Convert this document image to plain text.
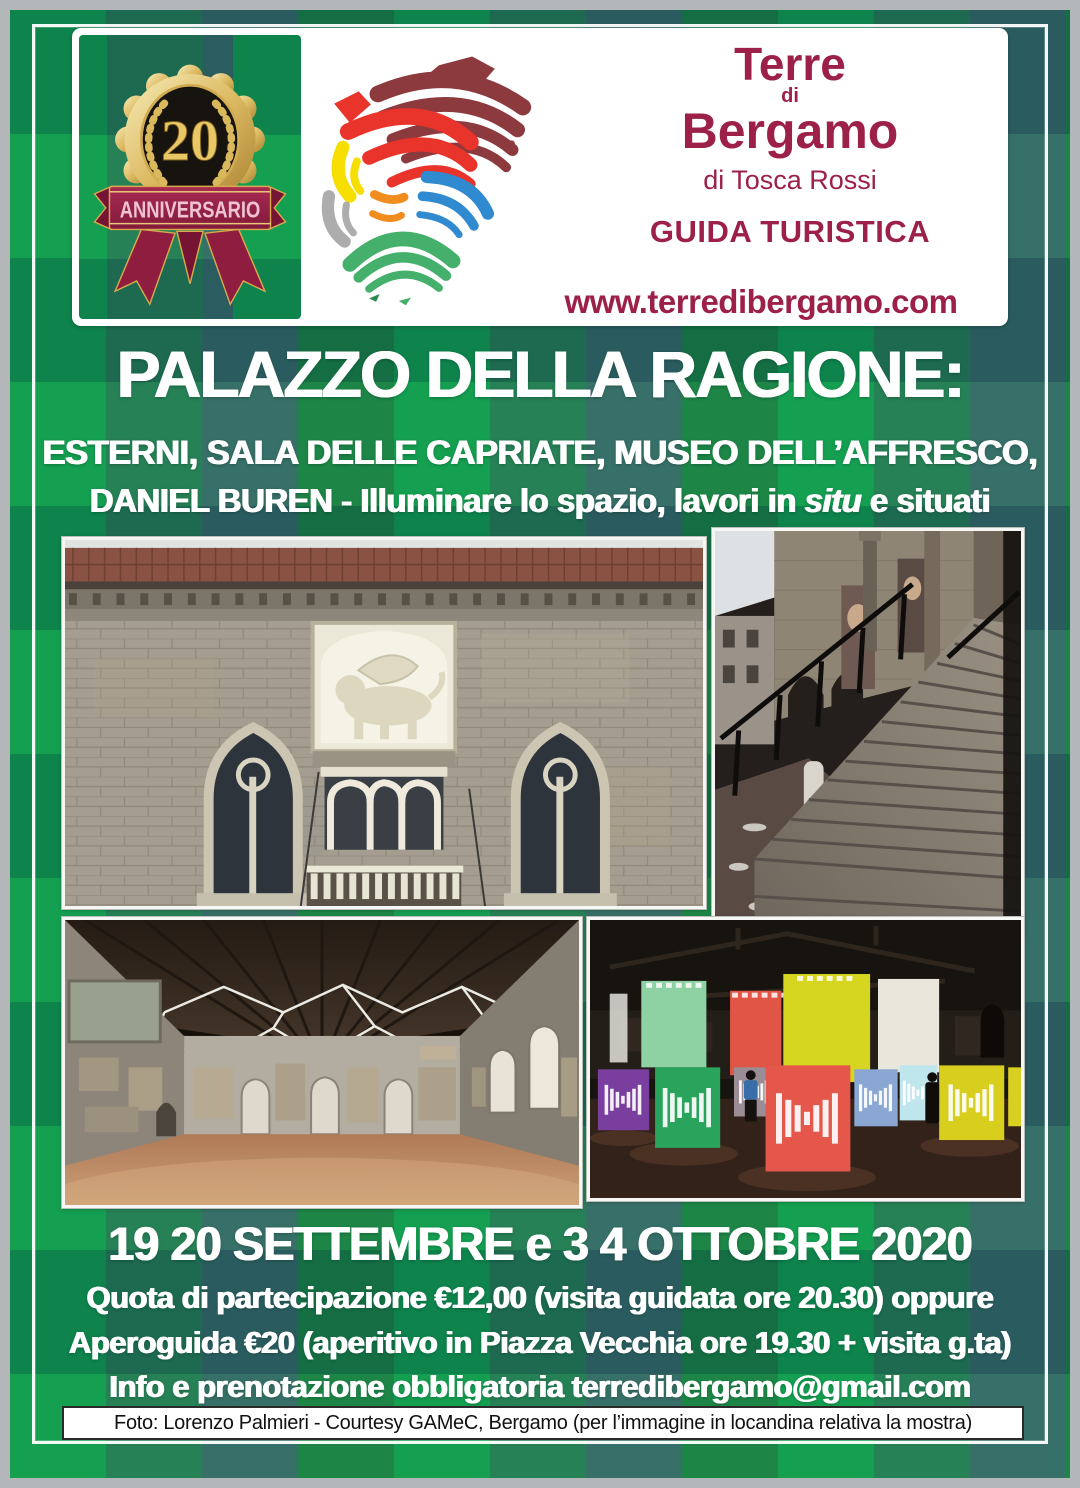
20
ANNIVERSARIO
Terre
di
Bergamo
di Tosca Rossi
GUIDA TURISTICA
www.terredibergamo.com
PALAZZO DELLA RAGIONE:
ESTERNI, SALA DELLE CAPRIATE, MUSEO DELL’AFFRESCO,
DANIEL BUREN - Illuminare lo spazio, lavori in situ e situati
19 20 SETTEMBRE e 3 4 OTTOBRE 2020
Quota di partecipazione €12,00 (visita guidata ore 20.30) oppure
Aperoguida €20 (aperitivo in Piazza Vecchia ore 19.30 + visita g.ta)
Info e prenotazione obbligatoria terredibergamo@gmail.com
Foto: Lorenzo Palmieri - Courtesy GAMeC, Bergamo (per l’immagine in locandina relativa la mostra)
